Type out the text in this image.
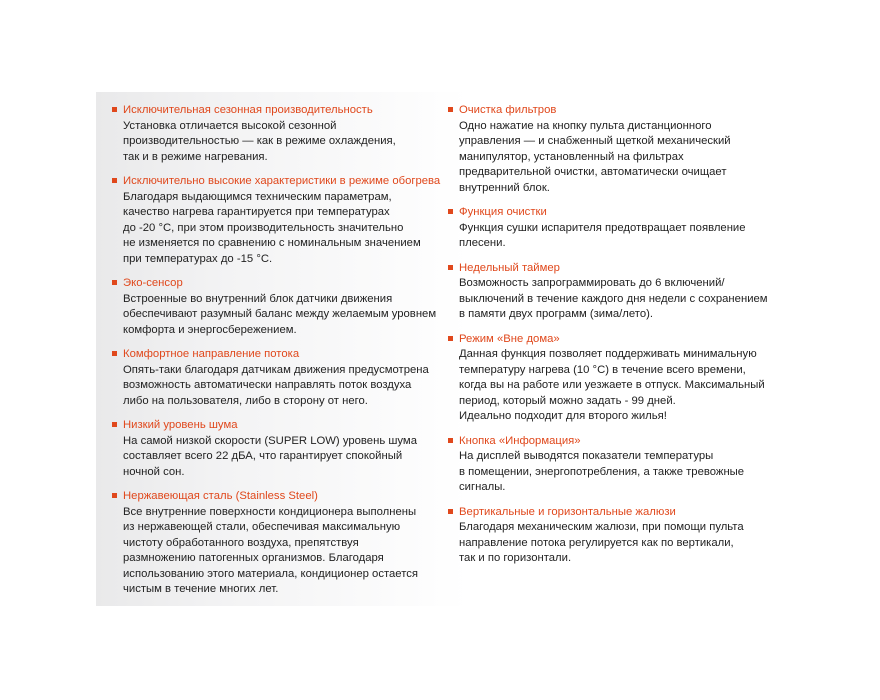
Исключительная сезонная производительность
Установка отличается высокой сезонной
производительностью — как в режиме охлаждения,
так и в режиме нагревания.
Исключительно высокие характеристики в режиме обогрева
Благодаря выдающимся техническим параметрам,
качество нагрева гарантируется при температурах
до -20 °С, при этом производительность значительно
не изменяется по сравнению с номинальным значением
при температурах до -15 °С.
Эко-сенсор
Встроенные во внутренний блок датчики движения
обеспечивают разумный баланс между желаемым уровнем
комфорта и энергосбережением.
Комфортное направление потока
Опять-таки благодаря датчикам движения предусмотрена
возможность автоматически направлять поток воздуха
либо на пользователя, либо в сторону от него.
Низкий уровень шума
На самой низкой скорости (SUPER LOW) уровень шума
составляет всего 22 дБА, что гарантирует спокойный
ночной сон.
Нержавеющая сталь (Stainless Steel)
Все внутренние поверхности кондиционера выполнены
из нержавеющей стали, обеспечивая максимальную
чистоту обработанного воздуха, препятствуя
размножению патогенных организмов. Благодаря
использованию этого материала, кондиционер остается
чистым в течение многих лет.
Очистка фильтров
Одно нажатие на кнопку пульта дистанционного
управления — и снабженный щеткой механический
манипулятор, установленный на фильтрах
предварительной очистки, автоматически очищает
внутренний блок.
Функция очистки
Функция сушки испарителя предотвращает появление
плесени.
Недельный таймер
Возможность запрограммировать до 6 включений/
выключений в течение каждого дня недели с сохранением
в памяти двух программ (зима/лето).
Режим «Вне дома»
Данная функция позволяет поддерживать минимальную
температуру нагрева (10 °С) в течение всего времени,
когда вы на работе или уезжаете в отпуск. Максимальный
период, который можно задать - 99 дней.
Идеально подходит для второго жилья!
Кнопка «Информация»
На дисплей выводятся показатели температуры
в помещении, энергопотребления, а также тревожные
сигналы.
Вертикальные и горизонтальные жалюзи
Благодаря механическим жалюзи, при помощи пульта
направление потока регулируется как по вертикали,
так и по горизонтали.
